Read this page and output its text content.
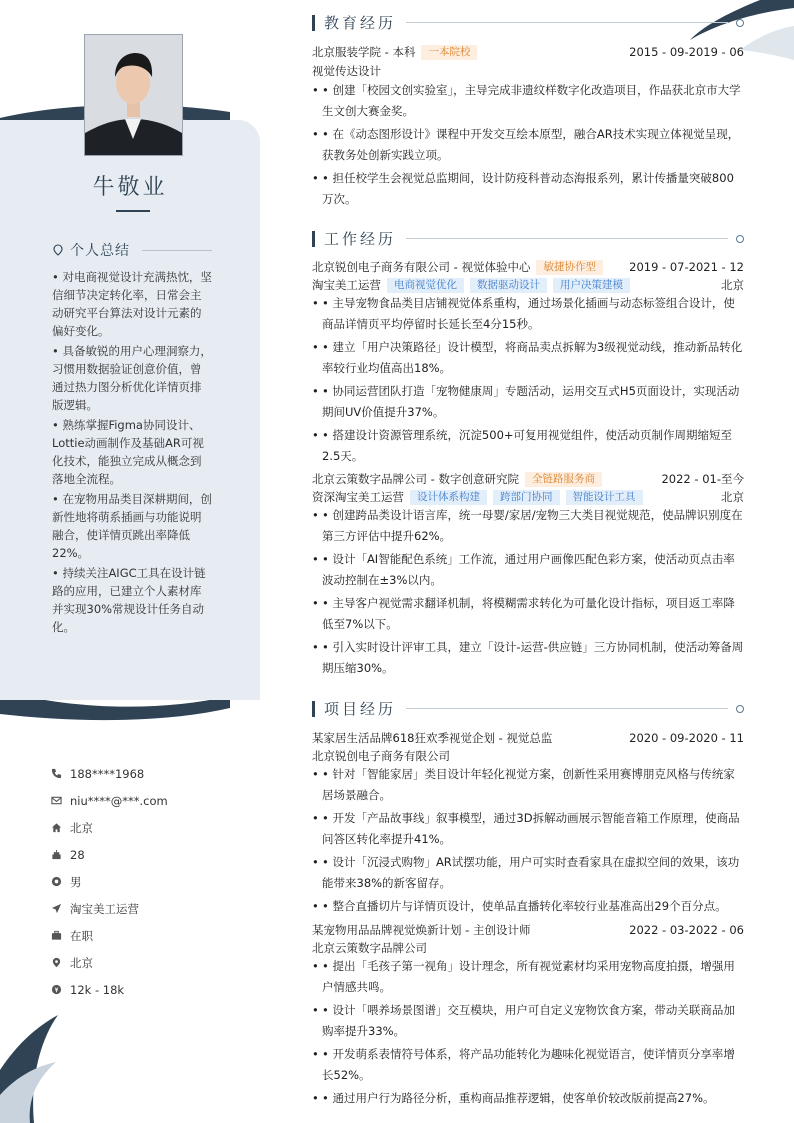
牛敬业
个人总结

• 对电商视觉设计充满热忱，坚信细节决定转化率，日常会主动研究平台算法对设计元素的偏好变化。

• 具备敏锐的用户心理洞察力，习惯用数据验证创意价值，曾通过热力图分析优化详情页排版逻辑。

• 熟练掌握Figma协同设计、Lottie动画制作及基础AR可视化技术，能独立完成从概念到落地全流程。

• 在宠物用品类目深耕期间，创新性地将萌系插画与功能说明融合，使详情页跳出率降低22%。

• 持续关注AIGC工具在设计链路的应用，已建立个人素材库并实现30%常规设计任务自动化。

188****1968
niu****@***.com
北京
28
男
淘宝美工运营
在职
北京
12k - 18k
教育经历
北京服装学院 - 本科	一本院校	2015 - 09-2019 - 06
视觉传达设计
• • 创建「校园文创实验室」，主导完成非遗纹样数字化改造项目，作品获北京市大学生文创大赛金奖。
• • 在《动态图形设计》课程中开发交互绘本原型，融合AR技术实现立体视觉呈现，获教务处创新实践立项。
• • 担任校学生会视觉总监期间，设计防疫科普动态海报系列，累计传播量突破800万次。
工作经历
北京锐创电子商务有限公司 - 视觉体验中心	敏捷协作型	2019 - 07-2021 - 12
淘宝美工运营	电商视觉优化	数据驱动设计	用户决策建模	北京
• • 主导宠物食品类目店铺视觉体系重构，通过场景化插画与动态标签组合设计，使商品详情页平均停留时长延长至4分15秒。
• • 建立「用户决策路径」设计模型，将商品卖点拆解为3级视觉动线，推动新品转化率较行业均值高出18%。
• • 协同运营团队打造「宠物健康周」专题活动，运用交互式H5页面设计，实现活动期间UV价值提升37%。
• • 搭建设计资源管理系统，沉淀500+可复用视觉组件，使活动页制作周期缩短至2.5天。
北京云策数字品牌公司 - 数字创意研究院	全链路服务商	2022 - 01-至今
资深淘宝美工运营	设计体系构建	跨部门协同	智能设计工具	北京
• • 创建跨品类设计语言库，统一母婴/家居/宠物三大类目视觉规范，使品牌识别度在第三方评估中提升62%。
• • 设计「AI智能配色系统」工作流，通过用户画像匹配色彩方案，使活动页点击率波动控制在±3%以内。
• • 主导客户视觉需求翻译机制，将模糊需求转化为可量化设计指标，项目返工率降低至7%以下。
• • 引入实时设计评审工具，建立「设计-运营-供应链」三方协同机制，使活动筹备周期压缩30%。
项目经历
某家居生活品牌618狂欢季视觉企划 - 视觉总监	2020 - 09-2020 - 11
北京锐创电子商务有限公司
• • 针对「智能家居」类目设计年轻化视觉方案，创新性采用赛博朋克风格与传统家居场景融合。
• • 开发「产品故事线」叙事模型，通过3D拆解动画展示智能音箱工作原理，使商品问答区转化率提升41%。
• • 设计「沉浸式购物」AR试摆功能，用户可实时查看家具在虚拟空间的效果，该功能带来38%的新客留存。
• • 整合直播切片与详情页设计，使单品直播转化率较行业基准高出29个百分点。
某宠物用品品牌视觉焕新计划 - 主创设计师	2022 - 03-2022 - 06
北京云策数字品牌公司
• • 提出「毛孩子第一视角」设计理念，所有视觉素材均采用宠物高度拍摄，增强用户情感共鸣。
• • 设计「喂养场景图谱」交互模块，用户可自定义宠物饮食方案，带动关联商品加购率提升33%。
• • 开发萌系表情符号体系，将产品功能转化为趣味化视觉语言，使详情页分享率增长52%。
• • 通过用户行为路径分析，重构商品推荐逻辑，使客单价较改版前提高27%。
